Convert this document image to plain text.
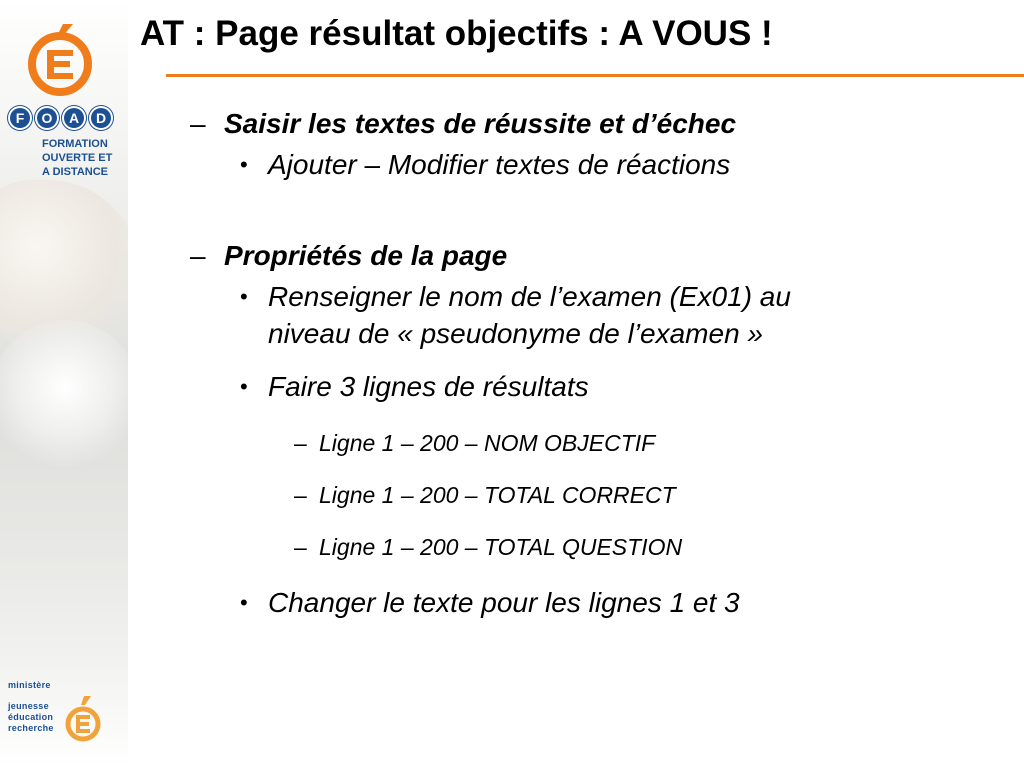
F	O	A	D
FORMATION
OUVERTE ET
A DISTANCE
ministère
jeunesse
éducation
recherche
AT : Page résultat objectifs : A VOUS !
– Saisir les textes de réussite et d’échec
• Ajouter – Modifier textes de réactions
– Propriétés de la page
• Renseigner le nom de l’examen (Ex01) au
niveau de « pseudonyme de l’examen »
• Faire 3 lignes de résultats
– Ligne 1 – 200 – NOM OBJECTIF
– Ligne 1 – 200 – TOTAL CORRECT
– Ligne 1 – 200 – TOTAL QUESTION
• Changer le texte pour les lignes 1 et 3
